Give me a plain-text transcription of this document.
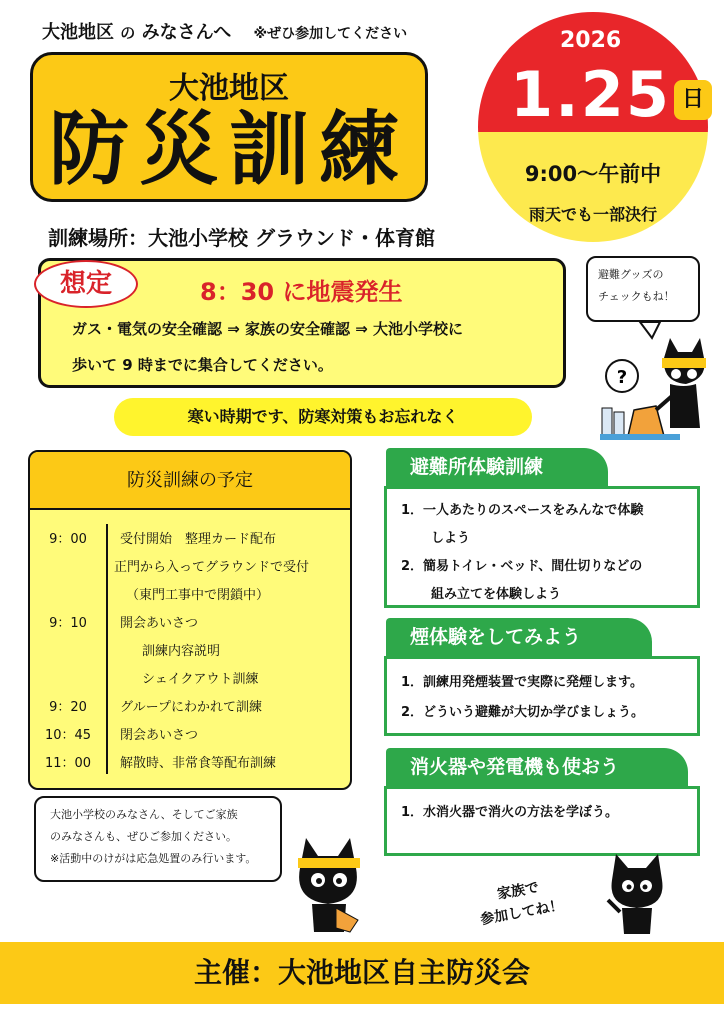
大池地区 の みなさんへ ※ぜひ参加してください
大池地区
防災訓練
2026
1.25 日
9:00〜午前中
雨天でも一部決行
訓練場所：大池小学校 グラウンド・体育館
想定	8：30 に地震発生
ガス・電気の安全確認 ⇒ 家族の安全確認 ⇒ 大池小学校に
歩いて 9 時までに集合してください。
寒い時期です、防寒対策もお忘れなく
避難グッズの
チェックもね！
?
防災訓練の予定
9：00	受付開始　整理カード配布
正門から入ってグラウンドで受付
（東門工事中で閉鎖中）
9：10	開会あいさつ
訓練内容説明
シェイクアウト訓練
9：20	グループにわかれて訓練
10：45	閉会あいさつ
11：00	解散時、非常食等配布訓練
避難所体験訓練
1．一人あたりのスペースをみんなで体験
しよう
2．簡易トイレ・ベッド、間仕切りなどの
組み立てを体験しよう
煙体験をしてみよう
1．訓練用発煙装置で実際に発煙します。
2．どういう避難が大切か学びましょう。
消火器や発電機も使おう
1．水消火器で消火の方法を学ぼう。
大池小学校のみなさん、そしてご家族
のみなさんも、ぜひご参加ください。
※活動中のけがは応急処置のみ行います。
家族で
参加してね！
主催：大池地区自主防災会
